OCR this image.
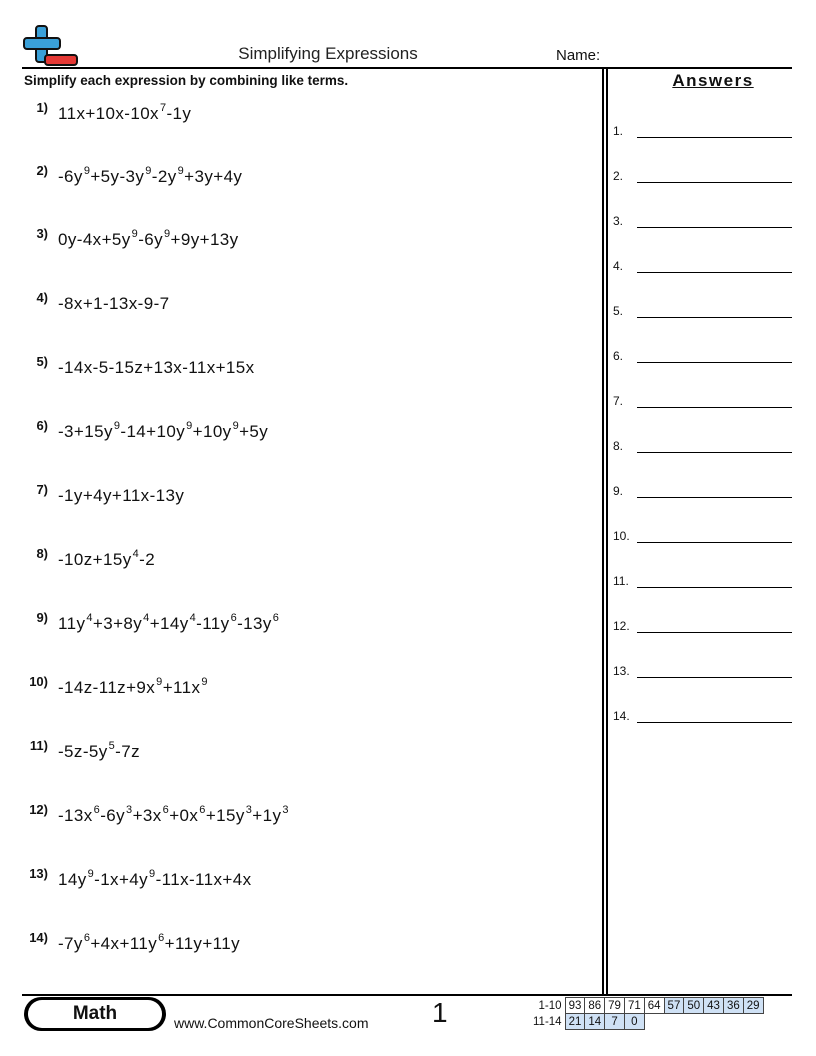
Simplifying Expressions	Name:
Simplify each expression by combining like terms.	Answers
1) $11x+10x-10x^7-1y$
2) $-6y^9+5y-3y^9-2y^9+3y+4y$
3) $0y-4x+5y^9-6y^9+9y+13y$
4) -8x+1-13x-9-7
5) -14x-5-15z+13x-11x+15x
6) $-3+15y^9-14+10y^9+10y^9+5y$
7) -1y+4y+11x-13y
8) $-10z+15y^4-2$
9) $11y^4+3+8y^4+14y^4-11y^6-13y^6$
10) $-14z-11z+9x^9+11x^9$
11) $-5z-5y^5-7z$
12) $-13x^6-6y^3+3x^6+0x^6+15y^3+1y^3$
13) $14y^9-1x+4y^9-11x-11x+4x$
14) $-7y^6+4x+11y^6+11y+11y$
1.
2.
3.
4.
5.
6.
7.
8.
9.
10.
11.
12.
13.
14.
Math	www.CommonCoreSheets.com 1	1-10	93	86	79	71	64	57	50	43	36	29
11-14	21	14	7	0						
